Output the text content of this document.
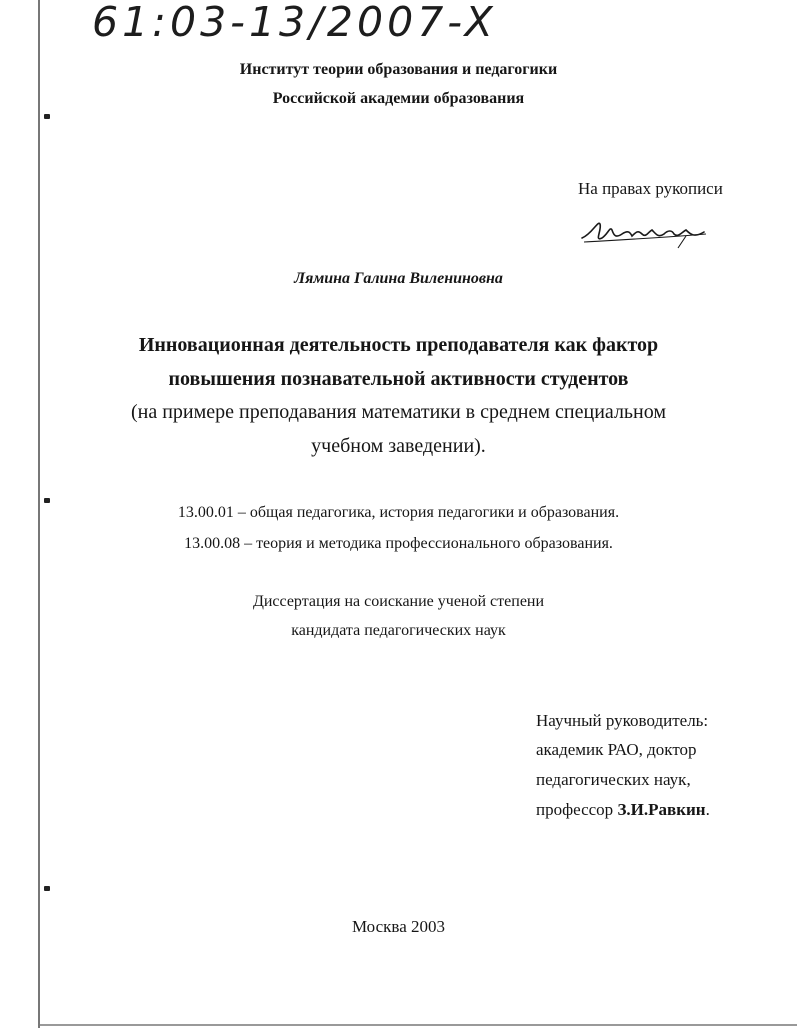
61:03-13/2007-X
Институт теории образования и педагогики
Российской академии образования
На правах рукописи
Лямина Галина Вилениновна
Инновационная деятельность преподавателя как фактор
повышения познавательной активности студентов
(на примере преподавания математики в среднем специальном
учебном заведении).
13.00.01 – общая педагогика, история педагогики и образования.
13.00.08 – теория и методика профессионального образования.
Диссертация на соискание ученой степени
кандидата педагогических наук
Научный руководитель:
академик РАО, доктор
педагогических наук,
профессор З.И.Равкин.
Москва 2003
